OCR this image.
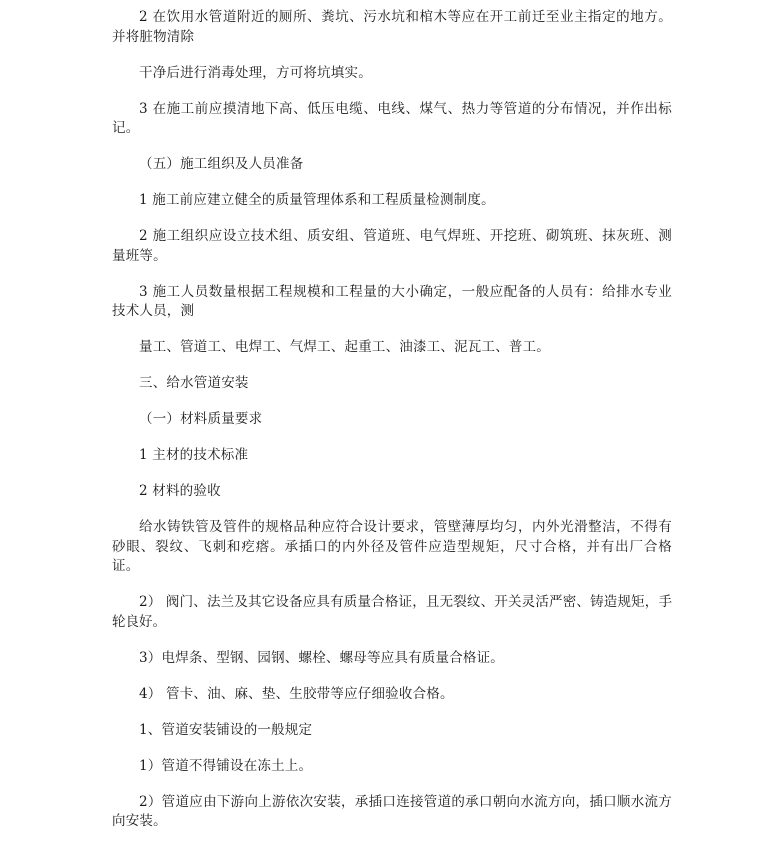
2 在饮用水管道附近的厕所、粪坑、污水坑和棺木等应在开工前迁至业主指定的地方。并将脏物清除

干净后进行消毒处理，方可将坑填实。

3 在施工前应摸清地下高、低压电缆、电线、煤气、热力等管道的分布情况，并作出标记。

（五）施工组织及人员准备

1 施工前应建立健全的质量管理体系和工程质量检测制度。

2 施工组织应设立技术组、质安组、管道班、电气焊班、开挖班、砌筑班、抹灰班、测量班等。

3 施工人员数量根据工程规模和工程量的大小确定，一般应配备的人员有：给排水专业技术人员，测

量工、管道工、电焊工、气焊工、起重工、油漆工、泥瓦工、普工。

三、给水管道安装

（一）材料质量要求

1 主材的技术标准

2 材料的验收

给水铸铁管及管件的规格品种应符合设计要求，管壁薄厚均匀，内外光滑整洁，不得有砂眼、裂纹、飞刺和疙瘩。承插口的内外径及管件应造型规矩，尺寸合格，并有出厂合格证。

2） 阀门、法兰及其它设备应具有质量合格证，且无裂纹、开关灵活严密、铸造规矩，手轮良好。

3）电焊条、型钢、园钢、螺栓、螺母等应具有质量合格证。

4） 管卡、油、麻、垫、生胶带等应仔细验收合格。

1、管道安装铺设的一般规定

1）管道不得铺设在冻土上。

2）管道应由下游向上游依次安装，承插口连接管道的承口朝向水流方向，插口顺水流方向安装。
